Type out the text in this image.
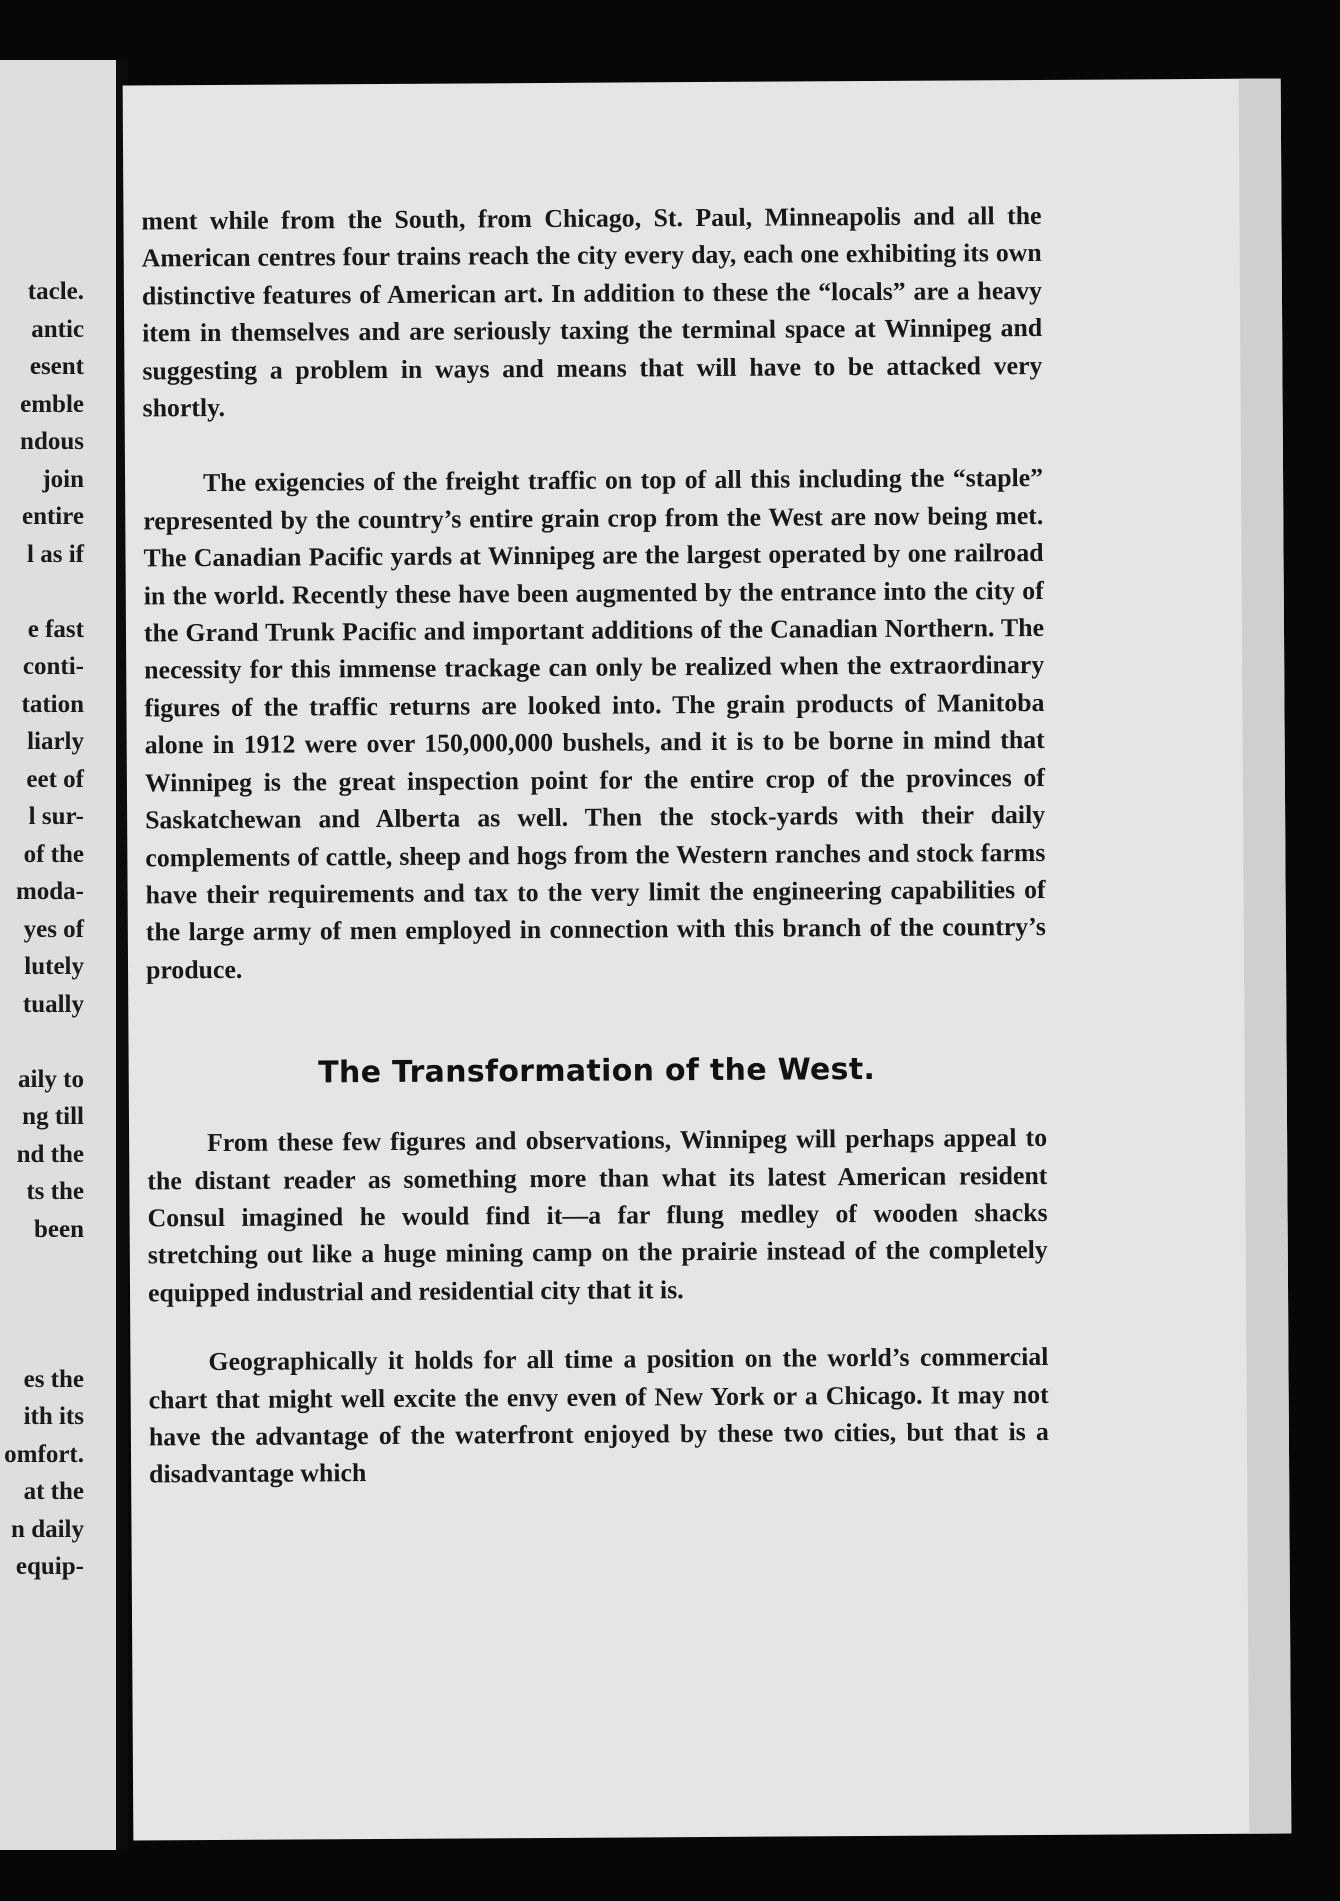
tacle.

antic

esent

emble

ndous

join

entire

l as if

e fast

conti-

tation

liarly

eet of

l sur-

of the

moda-

yes of

lutely

tually

aily to

ng till

nd the

ts the

been

es the

ith its

omfort.

at the

n daily

equip-

ment while from the South, from Chicago, St. Paul, Minneapolis and all the American centres four trains reach the city every day, each one exhibiting its own distinctive features of American art. In addition to these the “locals” are a heavy item in themselves and are seriously taxing the terminal space at Winnipeg and suggesting a problem in ways and means that will have to be attacked very shortly.

The exigencies of the freight traffic on top of all this including the “staple” represented by the country’s entire grain crop from the West are now being met. The Canadian Pacific yards at Winnipeg are the largest operated by one railroad in the world. Recently these have been augmented by the entrance into the city of the Grand Trunk Pacific and important additions of the Canadian Northern. The necessity for this immense trackage can only be realized when the extraordinary figures of the traffic returns are looked into. The grain products of Manitoba alone in 1912 were over 150,000,000 bushels, and it is to be borne in mind that Winnipeg is the great inspection point for the entire crop of the provinces of Saskatchewan and Alberta as well. Then the stock-yards with their daily complements of cattle, sheep and hogs from the Western ranches and stock farms have their requirements and tax to the very limit the engineering capabilities of the large army of men employed in connection with this branch of the country’s produce.

The Transformation of the West.

From these few figures and observations, Winnipeg will perhaps appeal to the distant reader as something more than what its latest American resident Consul imagined he would find it—a far flung medley of wooden shacks stretching out like a huge mining camp on the prairie instead of the completely equipped industrial and residential city that it is.

Geographically it holds for all time a position on the world’s commercial chart that might well excite the envy even of New York or a Chicago. It may not have the advantage of the waterfront enjoyed by these two cities, but that is a disadvantage which
